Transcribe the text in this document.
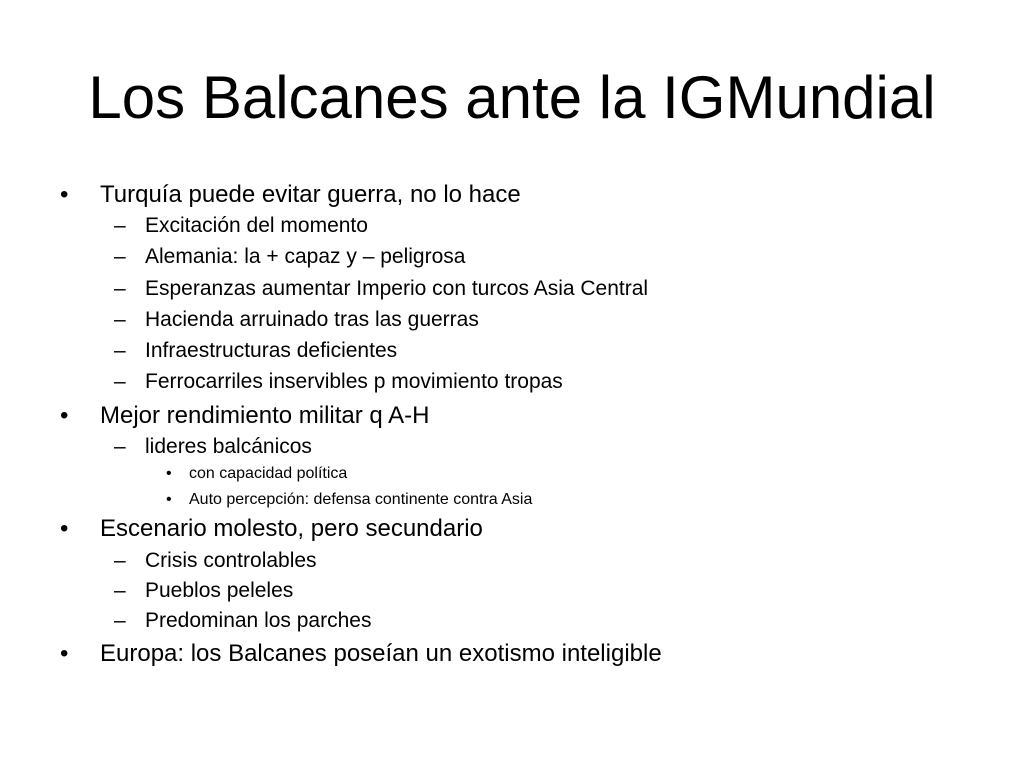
Los Balcanes ante la IGMundial
• Turquía puede evitar guerra, no lo hace
– Excitación del momento
– Alemania: la + capaz y – peligrosa
– Esperanzas aumentar Imperio con turcos Asia Central
– Hacienda arruinado tras las guerras
– Infraestructuras deficientes
– Ferrocarriles inservibles p movimiento tropas
• Mejor rendimiento militar q A-H
– lideres balcánicos
• con capacidad política
• Auto percepción: defensa continente contra Asia
• Escenario molesto, pero secundario
– Crisis controlables
– Pueblos peleles
– Predominan los parches
• Europa: los Balcanes poseían un exotismo inteligible
